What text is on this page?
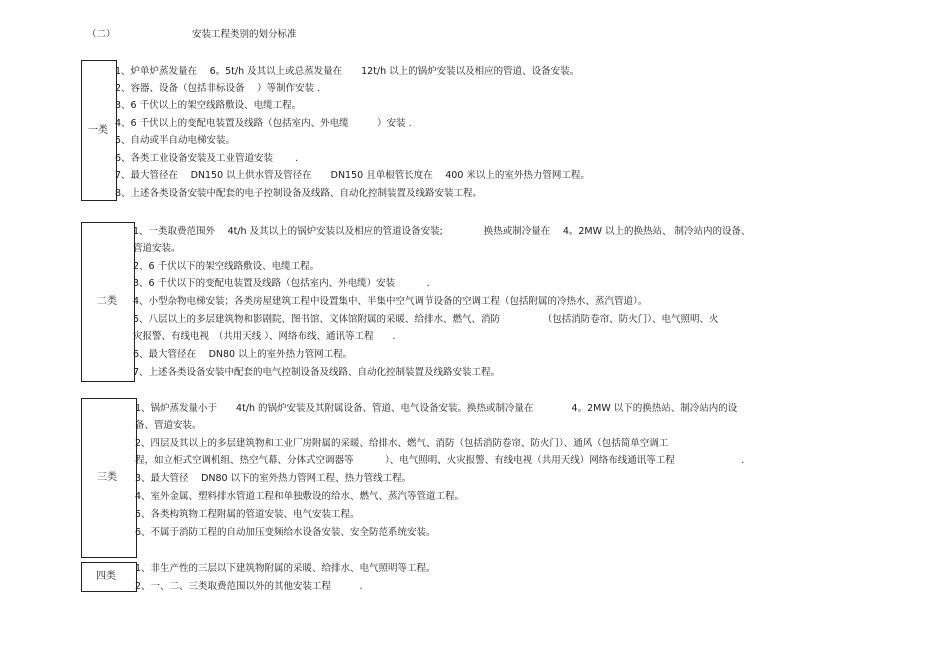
（二）	安装工程类别的划分标准
一类
1、炉单炉蒸发量在　 6。5t/h 及其以上或总蒸发量在　　12t/h 以上的锅炉安装以及相应的管道、设备安装。
2、容器、设备（包括非标设备　 ）等制作安装 .
3、6 千伏以上的架空线路敷设、电缆工程。
4、6 千伏以上的变配电装置及线路（包括室内、外电缆　　　）安装 .
5、自动或半自动电梯安装。
6、各类工业设备安装及工业管道安装　　 .
7、最大管径在　 DN150 以上供水管及管径在　　DN150 且单根管长度在　 400 米以上的室外热力管网工程。
8、上述各类设备安装中配套的电子控制设备及线路、自动化控制装置及线路安装工程。
二类
1、一类取费范围外　 4t/h 及其以上的锅炉安装以及相应的管道设备安装;　　　　 换热或制冷量在　 4。2MW 以上的换热站、 制冷站内的设备、
管道安装。
2、6 千伏以下的架空线路敷设、电缆工程。
3、6 千伏以下的变配电装置及线路（包括室内、外电缆）安装　　　 .
4、小型杂物电梯安装；各类房屋建筑工程中设置集中、半集中空气调节设备的空调工程（包括附属的冷热水、蒸汽管道）。
5、八层以上的多层建筑物和影剧院、图书馆、文体馆附属的采暖、给排水、燃气、消防　　　　　（包括消防卷帘、防火门）、电气照明、火
灾报警、有线电视　（共用天线 ）、网络布线、通讯等工程　　.
6、最大管径在　 DN80 以上的室外热力管网工程。
7、上述各类设备安装中配套的电气控制设备及线路、自动化控制装置及线路安装工程。
三类
1、锅炉蒸发量小于　　4t/h 的锅炉安装及其附属设备、管道、电气设备安装。换热或制冷量在　　　　4。2MW 以下的换热站、制冷站内的设
备、管道安装。
2、四层及其以上的多层建筑物和工业厂房附属的采暖、给排水、燃气、消防（包括消防卷帘、防火门）、通风（包括简单空调工
程，如立柜式空调机组、热空气幕、分体式空调器等　　　 ）、电气照明、火灾报警、有线电视（共用天线）网络布线通讯等工程　　　　　　　.
3、最大管径　 DN80 以下的室外热力管网工程、热力管线工程。
4、室外金属、塑料排水管道工程和单独敷设的给水、燃气、蒸汽等管道工程。
5、各类构筑物工程附属的管道安装、电气安装工程。
6、不属于消防工程的自动加压变频给水设备安装、安全防范系统安装。
四类
1、非生产性的三层以下建筑物附属的采暖、给排水、电气照明等工程。
2、一、二、三类取费范围以外的其他安装工程　　　.
